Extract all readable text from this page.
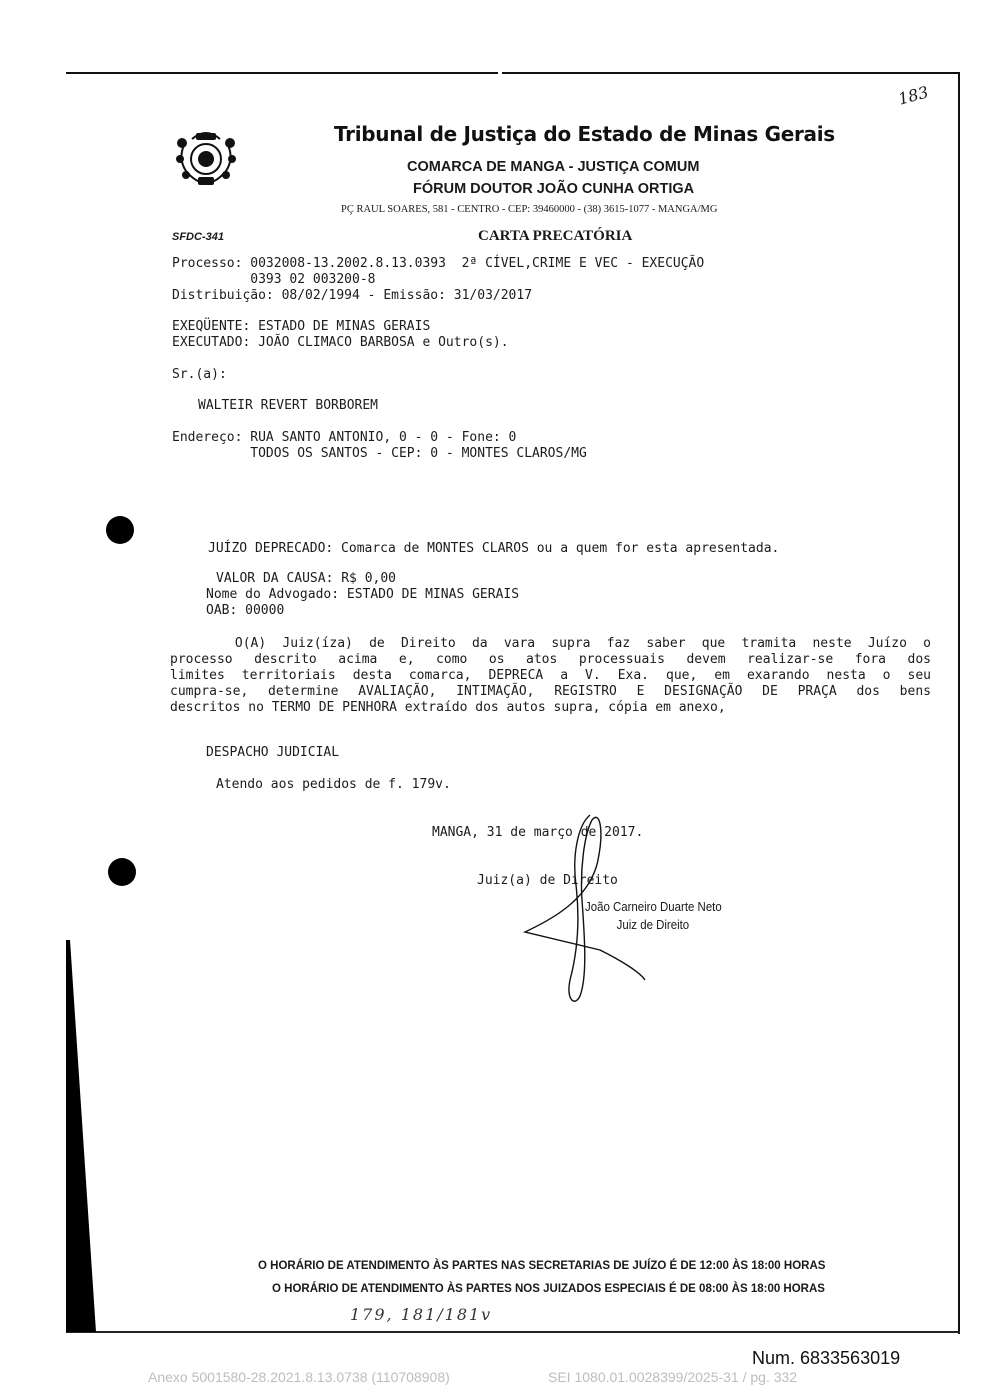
Tribunal de Justiça do Estado de Minas Gerais
COMARCA DE MANGA - JUSTIÇA COMUM
FÓRUM DOUTOR JOÃO CUNHA ORTIGA
PÇ RAUL SOARES, 581 - CENTRO - CEP: 39460000 - (38) 3615-1077 - MANGA/MG
SFDC-341	CARTA PRECATÓRIA
183
Processo: 0032008-13.2002.8.13.0393  2ª CÍVEL,CRIME E VEC - EXECUÇÃO
0393 02 003200-8
Distribuição: 08/02/1994 - Emissão: 31/03/2017
EXEQÜENTE: ESTADO DE MINAS GERAIS
EXECUTADO: JOÃO CLIMACO BARBOSA e Outro(s).
Sr.(a):
WALTEIR REVERT BORBOREM
Endereço: RUA SANTO ANTONIO, 0 - 0 - Fone: 0
TODOS OS SANTOS - CEP: 0 - MONTES CLAROS/MG
JUÍZO DEPRECADO: Comarca de MONTES CLAROS ou a quem for esta apresentada.
VALOR DA CAUSA: R$ 0,00
Nome do Advogado: ESTADO DE MINAS GERAIS
OAB: 00000
O(A) Juiz(íza) de Direito da vara supra faz saber que tramita neste Juízo o
processo descrito acima e, como os atos processuais devem realizar-se fora dos
limites territoriais desta comarca, DEPRECA a V. Exa. que, em exarando nesta o seu
cumpra-se, determine AVALIAÇÃO, INTIMAÇÃO, REGISTRO E DESIGNAÇÃO DE PRAÇA dos bens
descritos no TERMO DE PENHORA extraído dos autos supra, cópia em anexo,
DESPACHO JUDICIAL
Atendo aos pedidos de f. 179v.
MANGA, 31 de março de 2017.
Juiz(a) de Direito
João Carneiro Duarte Neto
Juiz de Direito
O HORÁRIO DE ATENDIMENTO ÀS PARTES NAS SECRETARIAS DE JUÍZO É DE 12:00 ÀS 18:00 HORAS
O HORÁRIO DE ATENDIMENTO ÀS PARTES NOS JUIZADOS ESPECIAIS É DE 08:00 ÀS 18:00 HORAS
179, 181/181v
Num. 6833563019
Anexo 5001580-28.2021.8.13.0738 (110708908)	SEI 1080.01.0028399/2025-31 / pg. 332
